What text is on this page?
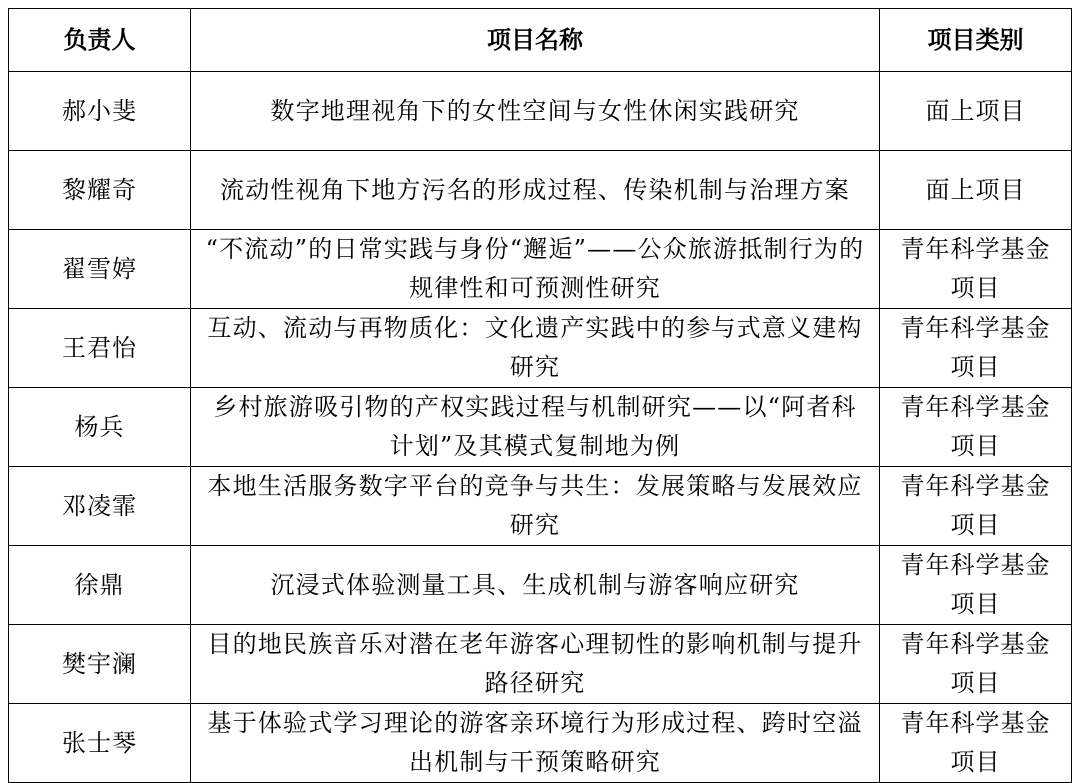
负责人	项目名称	项目类别
郝小斐	数字地理视角下的女性空间与女性休闲实践研究	面上项目
黎耀奇	流动性视角下地方污名的形成过程、传染机制与治理方案	面上项目
翟雪婷	“不流动”的日常实践与身份“邂逅”——公众旅游抵制行为的规律性和可预测性研究	青年科学基金项目
王君怡	互动、流动与再物质化：文化遗产实践中的参与式意义建构研究	青年科学基金项目
杨兵	乡村旅游吸引物的产权实践过程与机制研究——以“阿者科计划”及其模式复制地为例	青年科学基金项目
邓凌霏	本地生活服务数字平台的竞争与共生：发展策略与发展效应研究	青年科学基金项目
徐鼎	沉浸式体验测量工具、生成机制与游客响应研究	青年科学基金项目
樊宇澜	目的地民族音乐对潜在老年游客心理韧性的影响机制与提升路径研究	青年科学基金项目
张士琴	基于体验式学习理论的游客亲环境行为形成过程、跨时空溢出机制与干预策略研究	青年科学基金项目
